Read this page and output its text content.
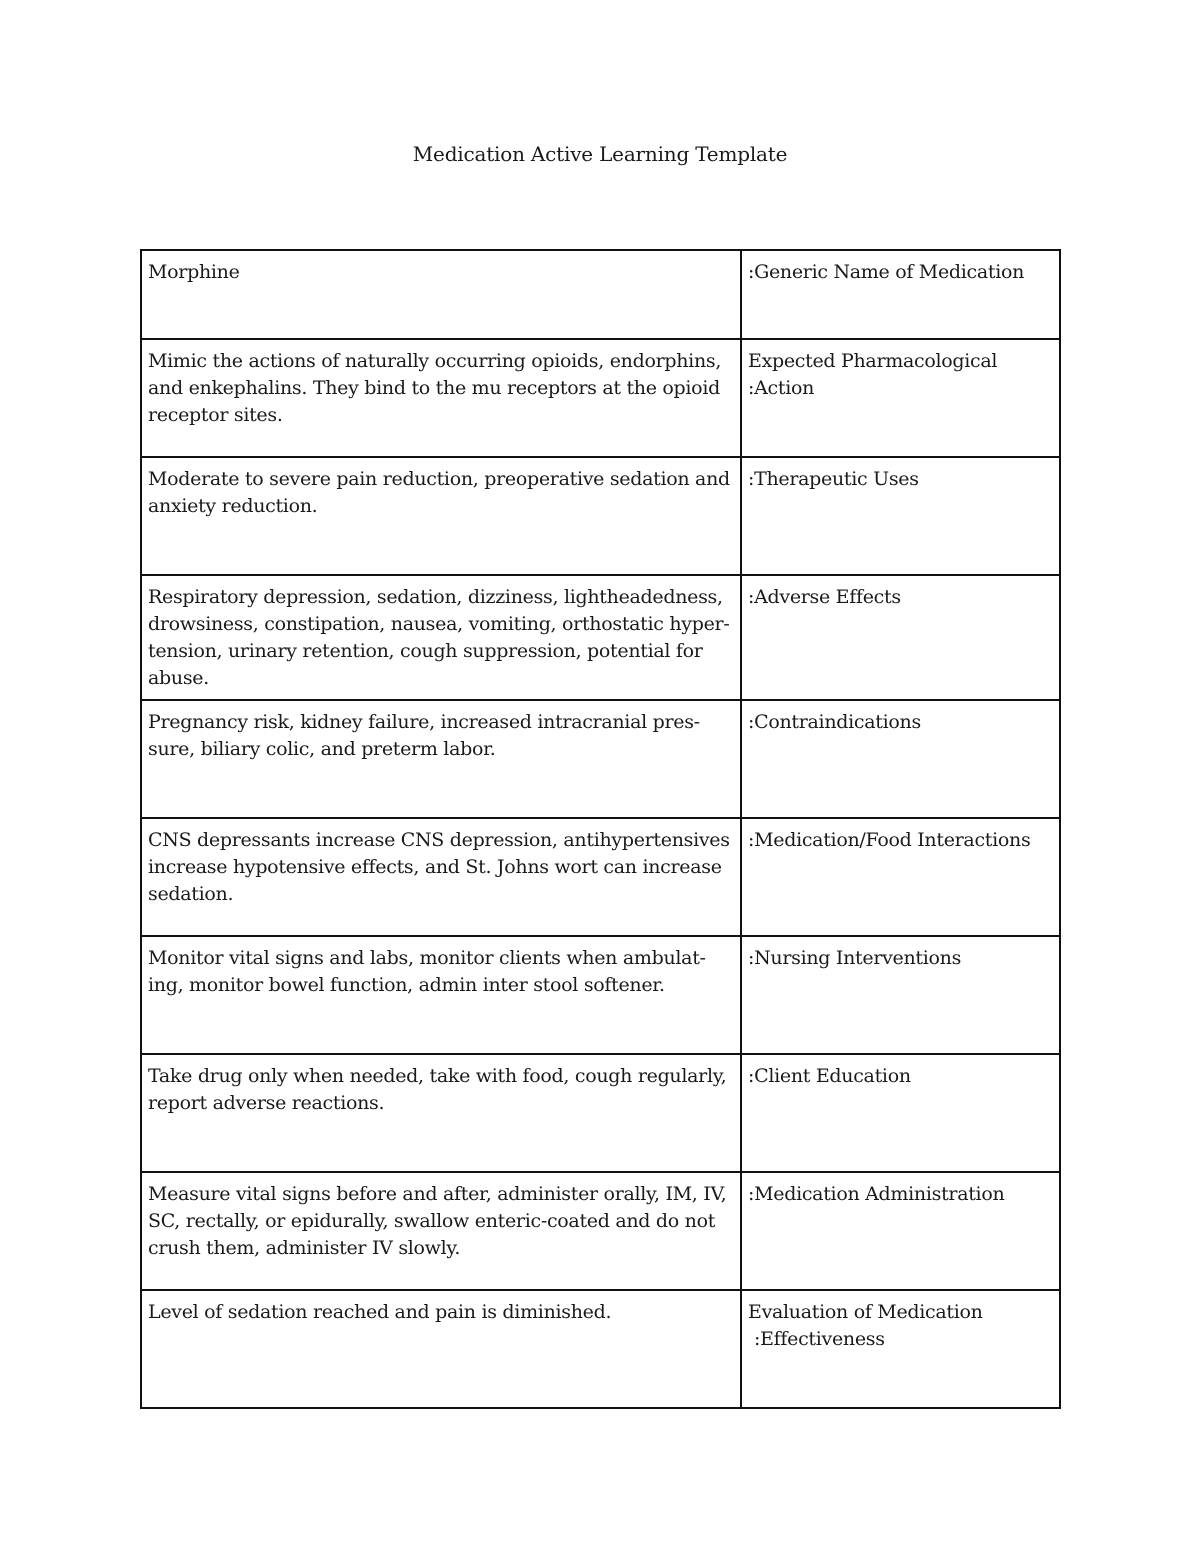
Medication Active Learning Template
Morphine	:Generic Name of Medication

Mimic the actions of naturally occurring opioids, endorphins, and enkephalins. They bind to the mu receptors at the opioid receptor sites.	Expected Pharmacological
:Action

Moderate to severe pain reduction, preoperative sedation and anxiety reduction.	:Therapeutic Uses

Respiratory depression, sedation, dizziness, lightheadedness, drowsiness, constipation, nausea, vomiting, orthostatic hyper-tension, urinary retention, cough suppression, potential for abuse.	:Adverse Effects

Pregnancy risk, kidney failure, increased intracranial pres-sure, biliary colic, and preterm labor.	:Contraindications

CNS depressants increase CNS depression, antihypertensives increase hypotensive effects, and St. Johns wort can increase sedation.	:Medication/Food Interactions

Monitor vital signs and labs, monitor clients when ambulat-ing, monitor bowel function, admin inter stool softener.	:Nursing Interventions

Take drug only when needed, take with food, cough regularly, report adverse reactions.	:Client Education

Measure vital signs before and after, administer orally, IM, IV, SC, rectally, or epidurally, swallow enteric-coated and do not crush them, administer IV slowly.	:Medication Administration

Level of sedation reached and pain is diminished.	Evaluation of Medication
:Effectiveness
